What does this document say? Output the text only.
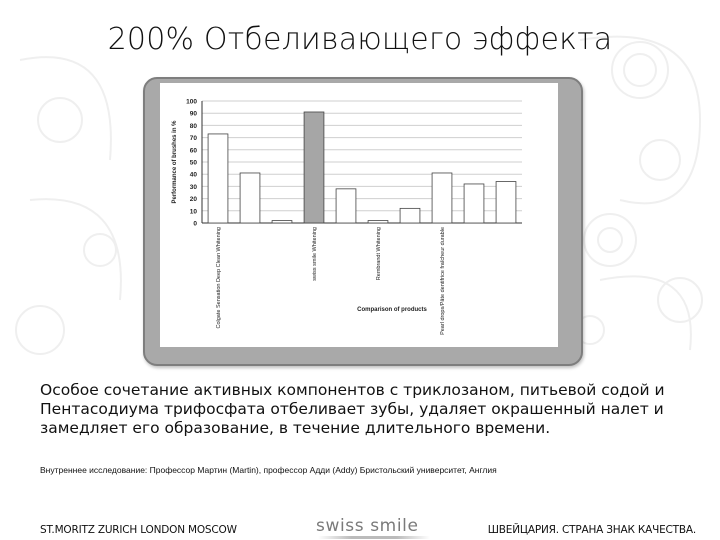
200% Отбеливающего эффекта
0
10
20
30
40
50
60
70
80
90
100
Performance of brushes in %
Colgate Sensation Deep Clean Whitening	swiss smile Whitening	Rembrandt Whitening	Pearl drops/Pâte dentifrice fraîcheur durable
Comparison of products
Особое сочетание активных компонентов с триклозаном, питьевой содой и Пентасодиума трифосфата отбеливает зубы, удаляет окрашенный налет и замедляет его образование, в течение длительного времени.
Внутреннее исследование: Профессор Мартин (Martin), профессор Адди (Addy) Бристольский университет, Англия
ST.MORITZ ZURICH LONDON MOSCOW	swiss smile	ШВЕЙЦАРИЯ. СТРАНА ЗНАК КАЧЕСТВА.
